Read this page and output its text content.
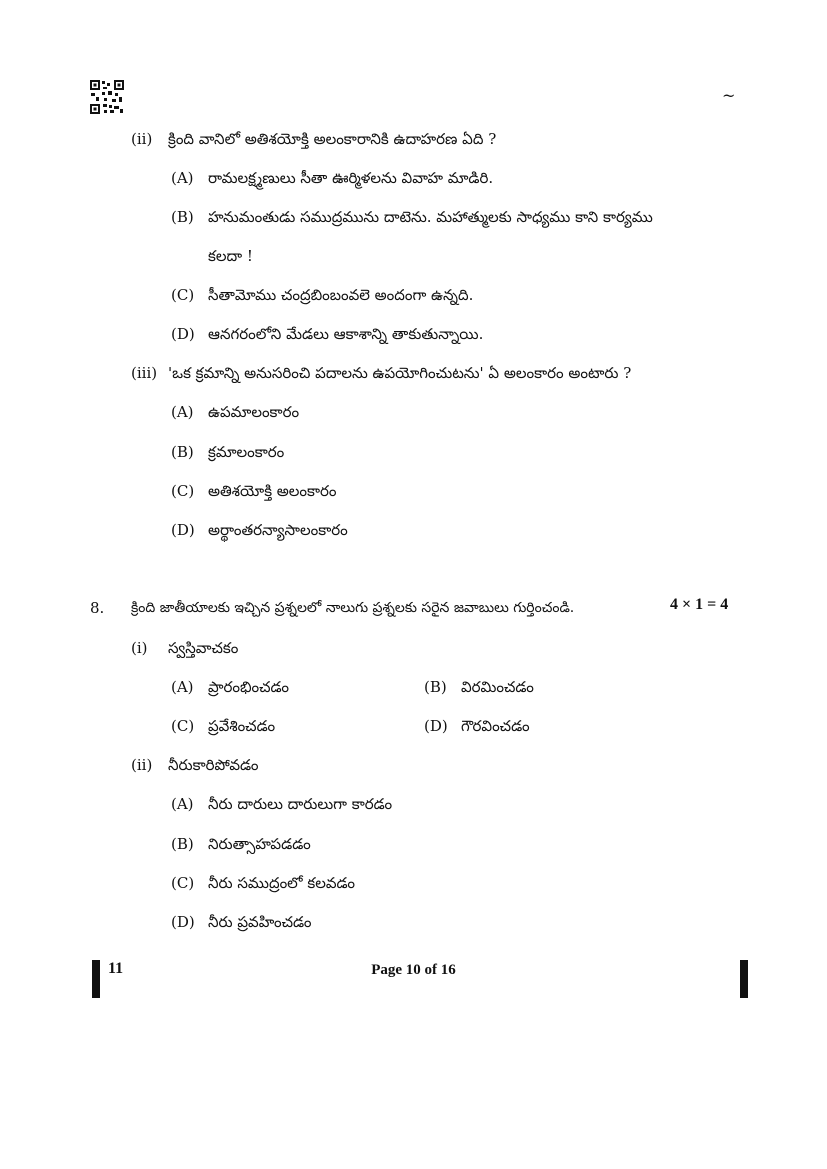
~
(ii) క్రింది వానిలో అతిశయోక్తి అలంకారానికి ఉదాహరణ ఏది ?
(A) రామలక్ష్మణులు సీతా ఊర్మిళలను వివాహ మాడిరి.
(B) హనుమంతుడు సముద్రమును దాటెను. మహాత్ములకు సాధ్యము కాని కార్యము
కలదా !
(C) సీతామోము చంద్రబింబంవలె అందంగా ఉన్నది.
(D) ఆనగరంలోని మేడలు ఆకాశాన్ని తాకుతున్నాయి.
(iii) 'ఒక క్రమాన్ని అనుసరించి పదాలను ఉపయోగించుటను' ఏ అలంకారం అంటారు ?
(A) ఉపమాలంకారం
(B) క్రమాలంకారం
(C) అతిశయోక్తి అలంకారం
(D) అర్థాంతరన్యాసాలంకారం
8. క్రింది జాతీయాలకు ఇచ్చిన ప్రశ్నలలో నాలుగు ప్రశ్నలకు సరైన జవాబులు గుర్తించండి.	4 × 1 = 4
(i) స్వస్తివాచకం
(A) ప్రారంభించడం	(B) విరమించడం
(C) ప్రవేశించడం	(D) గౌరవించడం
(ii) నీరుకారిపోవడం
(A) నీరు దారులు దారులుగా కారడం
(B) నిరుత్సాహపడడం
(C) నీరు సముద్రంలో కలవడం
(D) నీరు ప్రవహించడం
11	Page 10 of 16
